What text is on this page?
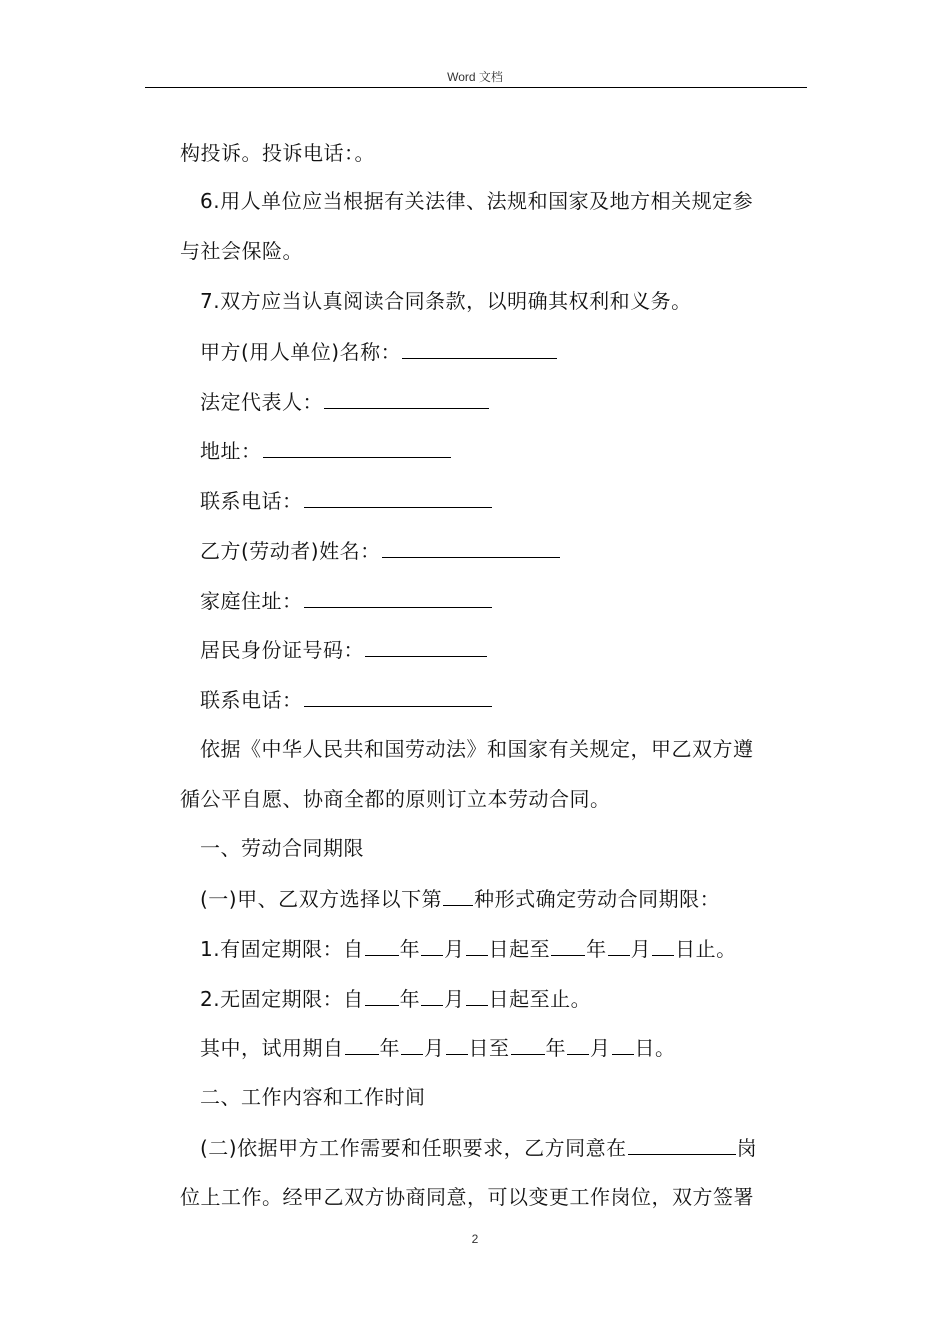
Word 文档
构投诉。投诉电话：。
6.用人单位应当根据有关法律、法规和国家及地方相关规定参
与社会保险。
7.双方应当认真阅读合同条款，以明确其权利和义务。
甲方(用人单位)名称：
法定代表人：
地址：
联系电话：
乙方(劳动者)姓名：
家庭住址：
居民身份证号码：
联系电话：
依据《中华人民共和国劳动法》和国家有关规定，甲乙双方遵
循公平自愿、协商全都的原则订立本劳动合同。
一、劳动合同期限
(一)甲、乙双方选择以下第 种形式确定劳动合同期限：
1.有固定期限：自 年 月 日起至 年 月 日止。
2.无固定期限：自 年 月 日起至止。
其中，试用期自 年 月 日至 年 月 日。
二、工作内容和工作时间
(二)依据甲方工作需要和任职要求，乙方同意在	岗
位上工作。经甲乙双方协商同意，可以变更工作岗位，双方签署
2
